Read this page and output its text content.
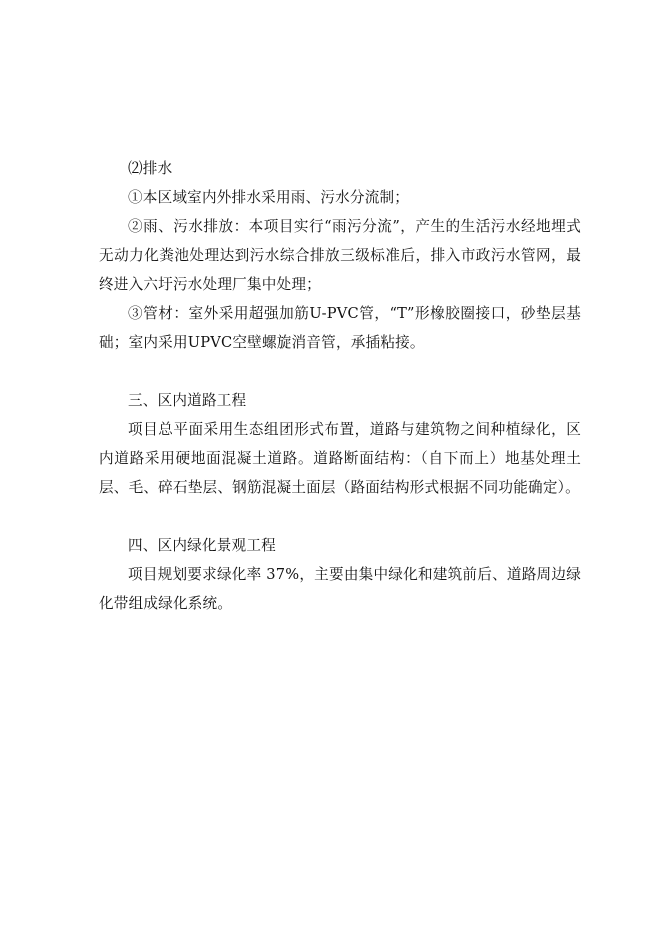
⑵排水

①本区域室内外排水采用雨、污水分流制；

②雨、污水排放：本项目实行“雨污分流”，产生的生活污水经地埋式无动力化粪池处理达到污水综合排放三级标准后，排入市政污水管网，最终进入六圩污水处理厂集中处理；

③管材：室外采用超强加筋U-PVC管，“T”形橡胶圈接口，砂垫层基础；室内采用UPVC空壁螺旋消音管，承插粘接。

三、区内道路工程

项目总平面采用生态组团形式布置，道路与建筑物之间种植绿化，区内道路采用硬地面混凝土道路。道路断面结构：（自下而上）地基处理土层、毛、碎石垫层、钢筋混凝土面层（路面结构形式根据不同功能确定）。

四、区内绿化景观工程

项目规划要求绿化率 37%，主要由集中绿化和建筑前后、道路周边绿化带组成绿化系统。
